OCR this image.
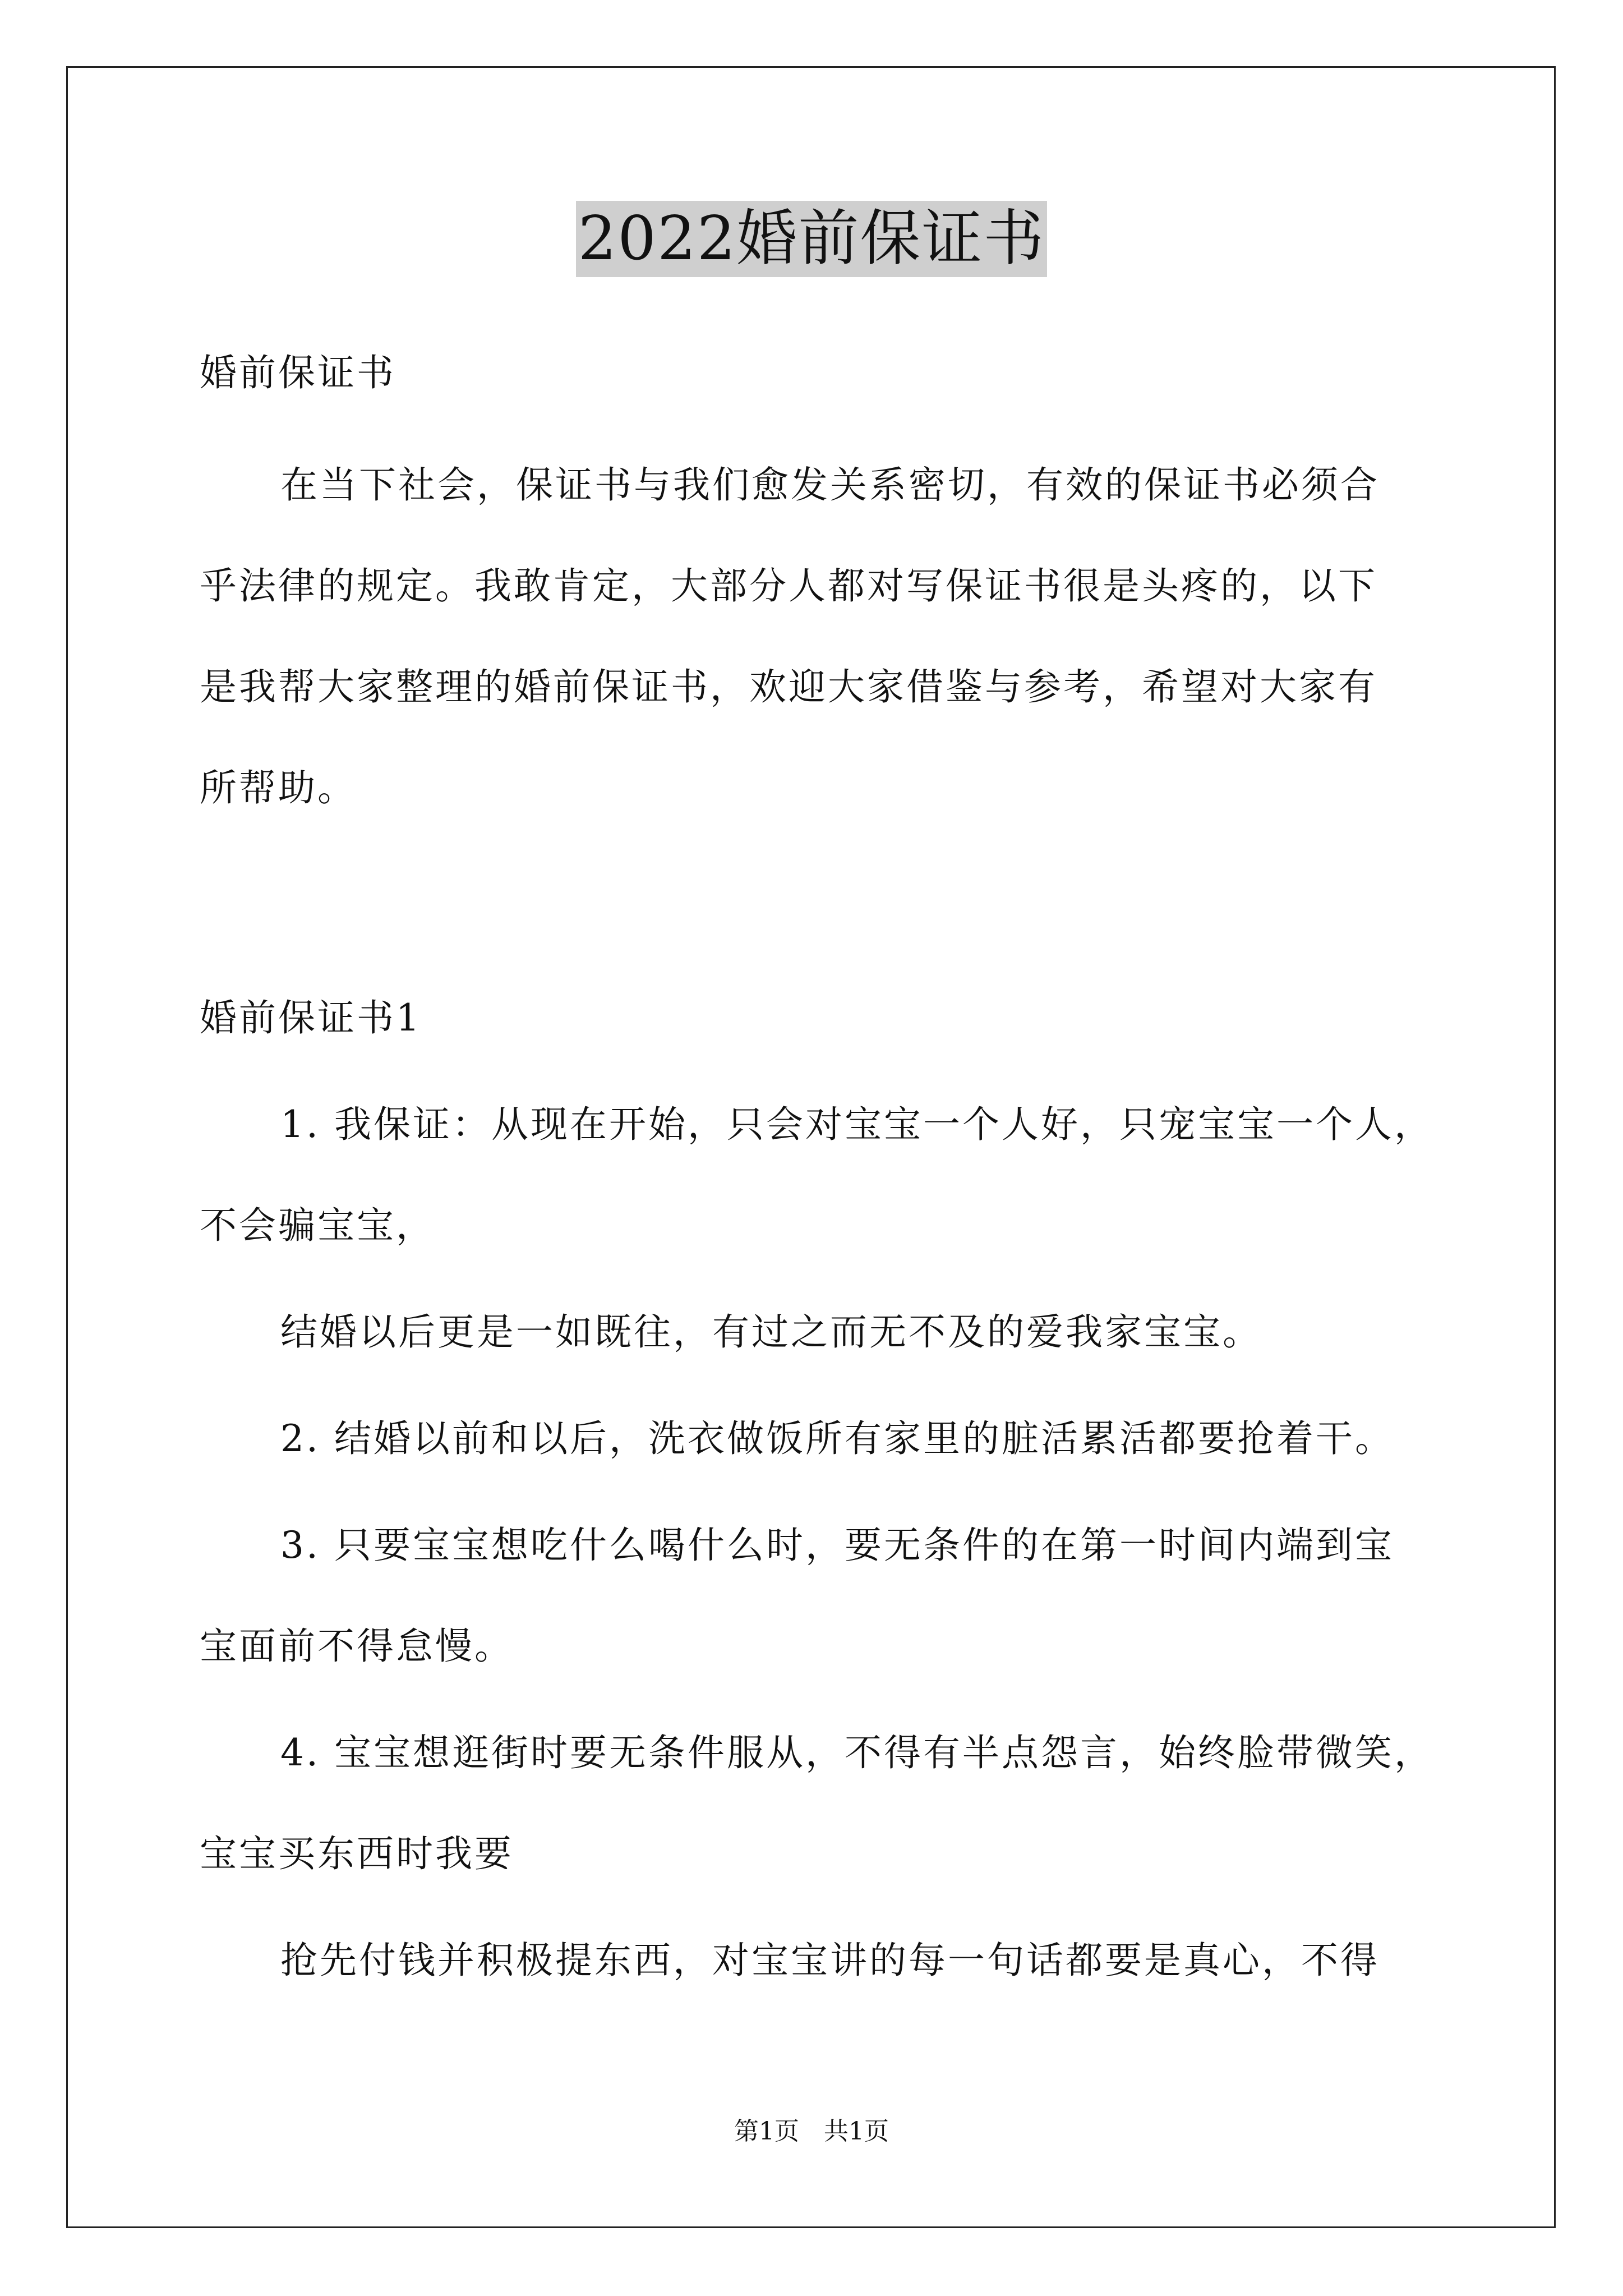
2022婚前保证书
婚前保证书
在当下社会，保证书与我们愈发关系密切，有效的保证书必须合
乎法律的规定。我敢肯定，大部分人都对写保证书很是头疼的，以下
是我帮大家整理的婚前保证书，欢迎大家借鉴与参考，希望对大家有
所帮助。
婚前保证书1
1. 我保证：从现在开始，只会对宝宝一个人好，只宠宝宝一个人，
不会骗宝宝，
结婚以后更是一如既往，有过之而无不及的爱我家宝宝。
2. 结婚以前和以后，洗衣做饭所有家里的脏活累活都要抢着干。
3. 只要宝宝想吃什么喝什么时，要无条件的在第一时间内端到宝
宝面前不得怠慢。
4. 宝宝想逛街时要无条件服从，不得有半点怨言，始终脸带微笑，
宝宝买东西时我要
抢先付钱并积极提东西，对宝宝讲的每一句话都要是真心，不得
第1页　共1页
